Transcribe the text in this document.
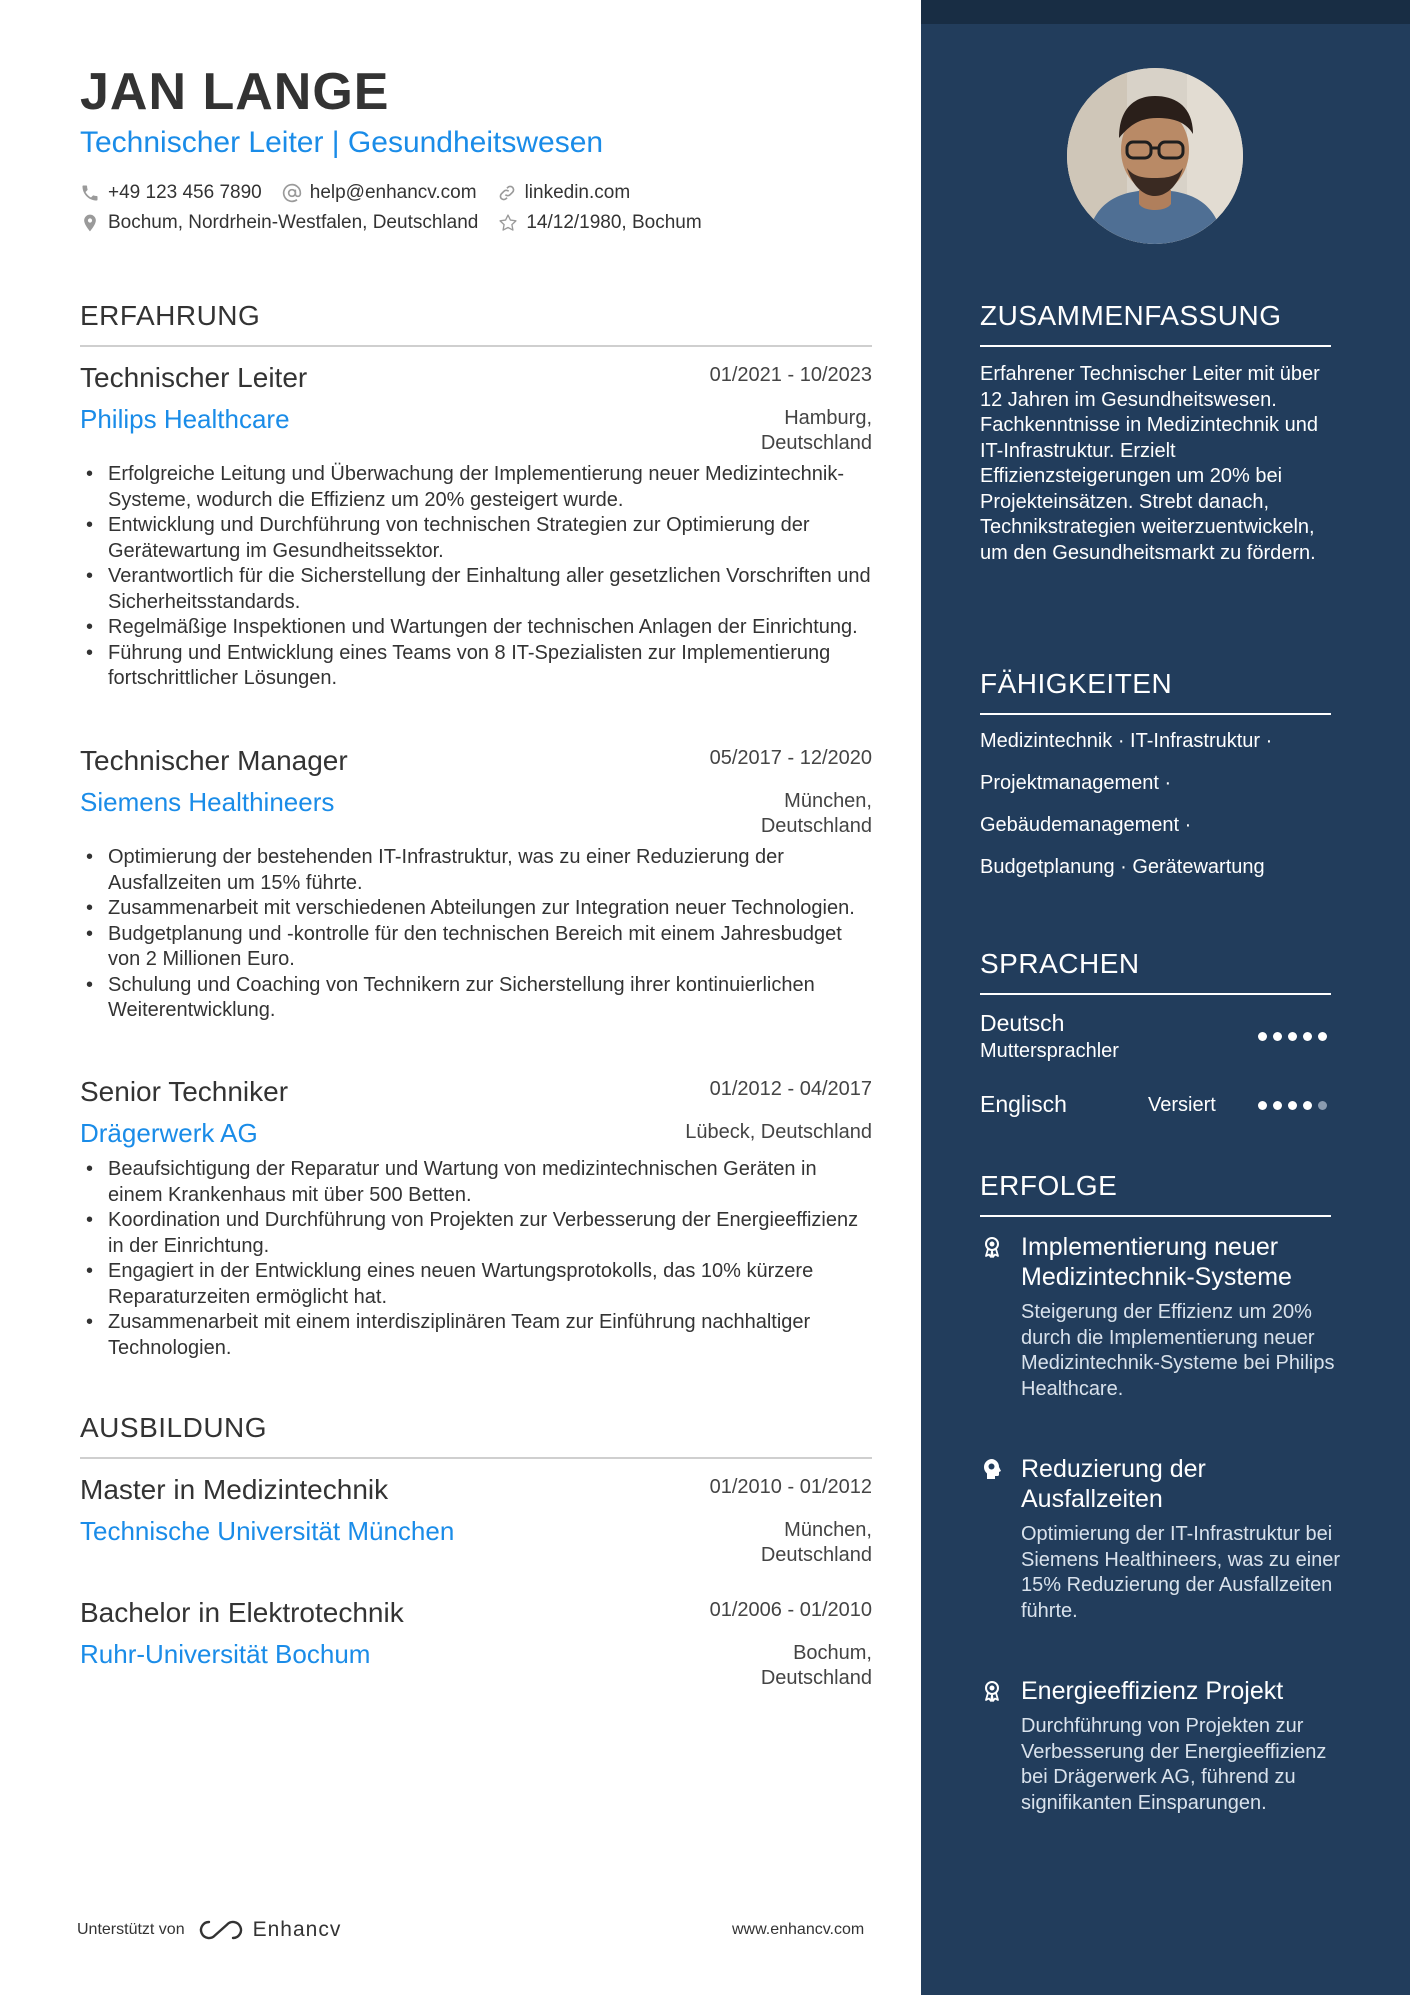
JAN LANGE
Technischer Leiter | Gesundheitswesen
+49 123 456 7890	help@enhancv.com	linkedin.com
Bochum, Nordrhein-Westfalen, Deutschland	14/12/1980, Bochum
ERFAHRUNG
Technischer Leiter	01/2021 - 10/2023
Philips Healthcare	Hamburg,
Deutschland
• Erfolgreiche Leitung und Überwachung der Implementierung neuer Medizintechnik-Systeme, wodurch die Effizienz um 20% gesteigert wurde.
• Entwicklung und Durchführung von technischen Strategien zur Optimierung der Gerätewartung im Gesundheitssektor.
• Verantwortlich für die Sicherstellung der Einhaltung aller gesetzlichen Vorschriften und Sicherheitsstandards.
• Regelmäßige Inspektionen und Wartungen der technischen Anlagen der Einrichtung.
• Führung und Entwicklung eines Teams von 8 IT-Spezialisten zur Implementierung fortschrittlicher Lösungen.
Technischer Manager	05/2017 - 12/2020
Siemens Healthineers	München,
Deutschland
• Optimierung der bestehenden IT-Infrastruktur, was zu einer Reduzierung der Ausfallzeiten um 15% führte.
• Zusammenarbeit mit verschiedenen Abteilungen zur Integration neuer Technologien.
• Budgetplanung und -kontrolle für den technischen Bereich mit einem Jahresbudget von 2 Millionen Euro.
• Schulung und Coaching von Technikern zur Sicherstellung ihrer kontinuierlichen Weiterentwicklung.
Senior Techniker	01/2012 - 04/2017
Drägerwerk AG	Lübeck, Deutschland
• Beaufsichtigung der Reparatur und Wartung von medizintechnischen Geräten in einem Krankenhaus mit über 500 Betten.
• Koordination und Durchführung von Projekten zur Verbesserung der Energieeffizienz in der Einrichtung.
• Engagiert in der Entwicklung eines neuen Wartungsprotokolls, das 10% kürzere Reparaturzeiten ermöglicht hat.
• Zusammenarbeit mit einem interdisziplinären Team zur Einführung nachhaltiger Technologien.
AUSBILDUNG
Master in Medizintechnik	01/2010 - 01/2012
Technische Universität München	München,
Deutschland
Bachelor in Elektrotechnik	01/2006 - 01/2010
Ruhr-Universität Bochum	Bochum,
Deutschland
Unterstützt von	Enhancv	www.enhancv.com
ZUSAMMENFASSUNG
Erfahrener Technischer Leiter mit über 12 Jahren im Gesundheitswesen. Fachkenntnisse in Medizintechnik und IT-Infrastruktur. Erzielt Effizienzsteigerungen um 20% bei Projekteinsätzen. Strebt danach, Technikstrategien weiterzuentwickeln, um den Gesundheitsmarkt zu fördern.
FÄHIGKEITEN
Medizintechnik · IT-Infrastruktur ·
Projektmanagement ·
Gebäudemanagement ·
Budgetplanung · Gerätewartung
SPRACHEN
Deutsch
Muttersprachler
Englisch	Versiert
ERFOLGE
Implementierung neuer Medizintechnik-Systeme
Steigerung der Effizienz um 20% durch die Implementierung neuer Medizintechnik-Systeme bei Philips Healthcare.
Reduzierung der Ausfallzeiten
Optimierung der IT-Infrastruktur bei Siemens Healthineers, was zu einer 15% Reduzierung der Ausfallzeiten führte.
Energieeffizienz Projekt
Durchführung von Projekten zur Verbesserung der Energieeffizienz bei Drägerwerk AG, führend zu signifikanten Einsparungen.
